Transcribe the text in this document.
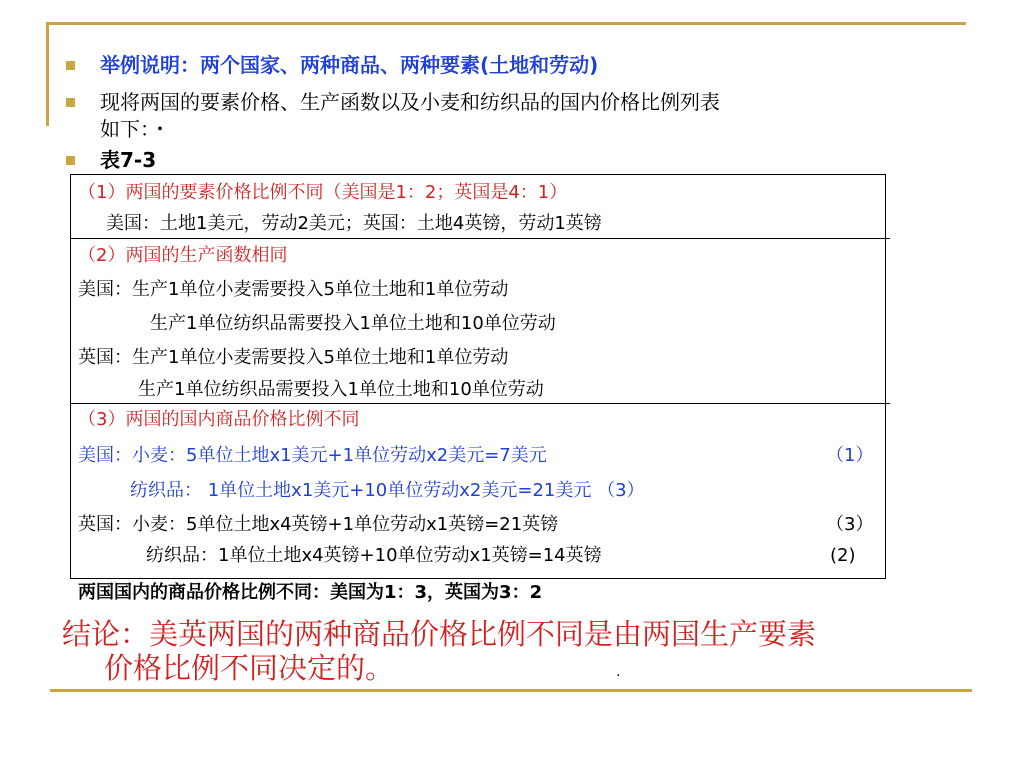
举例说明：两个国家、两种商品、两种要素(土地和劳动)
现将两国的要素价格、生产函数以及小麦和纺织品的国内价格比例列表
如下：・
表7-3
（1）两国的要素价格比例不同（美国是1：2；英国是4：1）
美国：土地1美元，劳动2美元；英国：土地4英镑，劳动1英镑
（2）两国的生产函数相同
美国：生产1单位小麦需要投入5单位土地和1单位劳动
生产1单位纺织品需要投入1单位土地和10单位劳动
英国：生产1单位小麦需要投入5单位土地和1单位劳动
生产1单位纺织品需要投入1单位土地和10单位劳动
（3）两国的国内商品价格比例不同
美国：小麦：5单位土地x1美元+1单位劳动x2美元=7美元	（1）
纺织品： 1单位土地x1美元+10单位劳动x2美元=21美元 （3）
英国：小麦：5单位土地x4英镑+1单位劳动x1英镑=21英镑	（3）
纺织品：1单位土地x4英镑+10单位劳动x1英镑=14英镑	(2)
两国国内的商品价格比例不同：美国为1：3，英国为3：2
结论：美英两国的两种商品价格比例不同是由两国生产要素
价格比例不同决定的。	.
